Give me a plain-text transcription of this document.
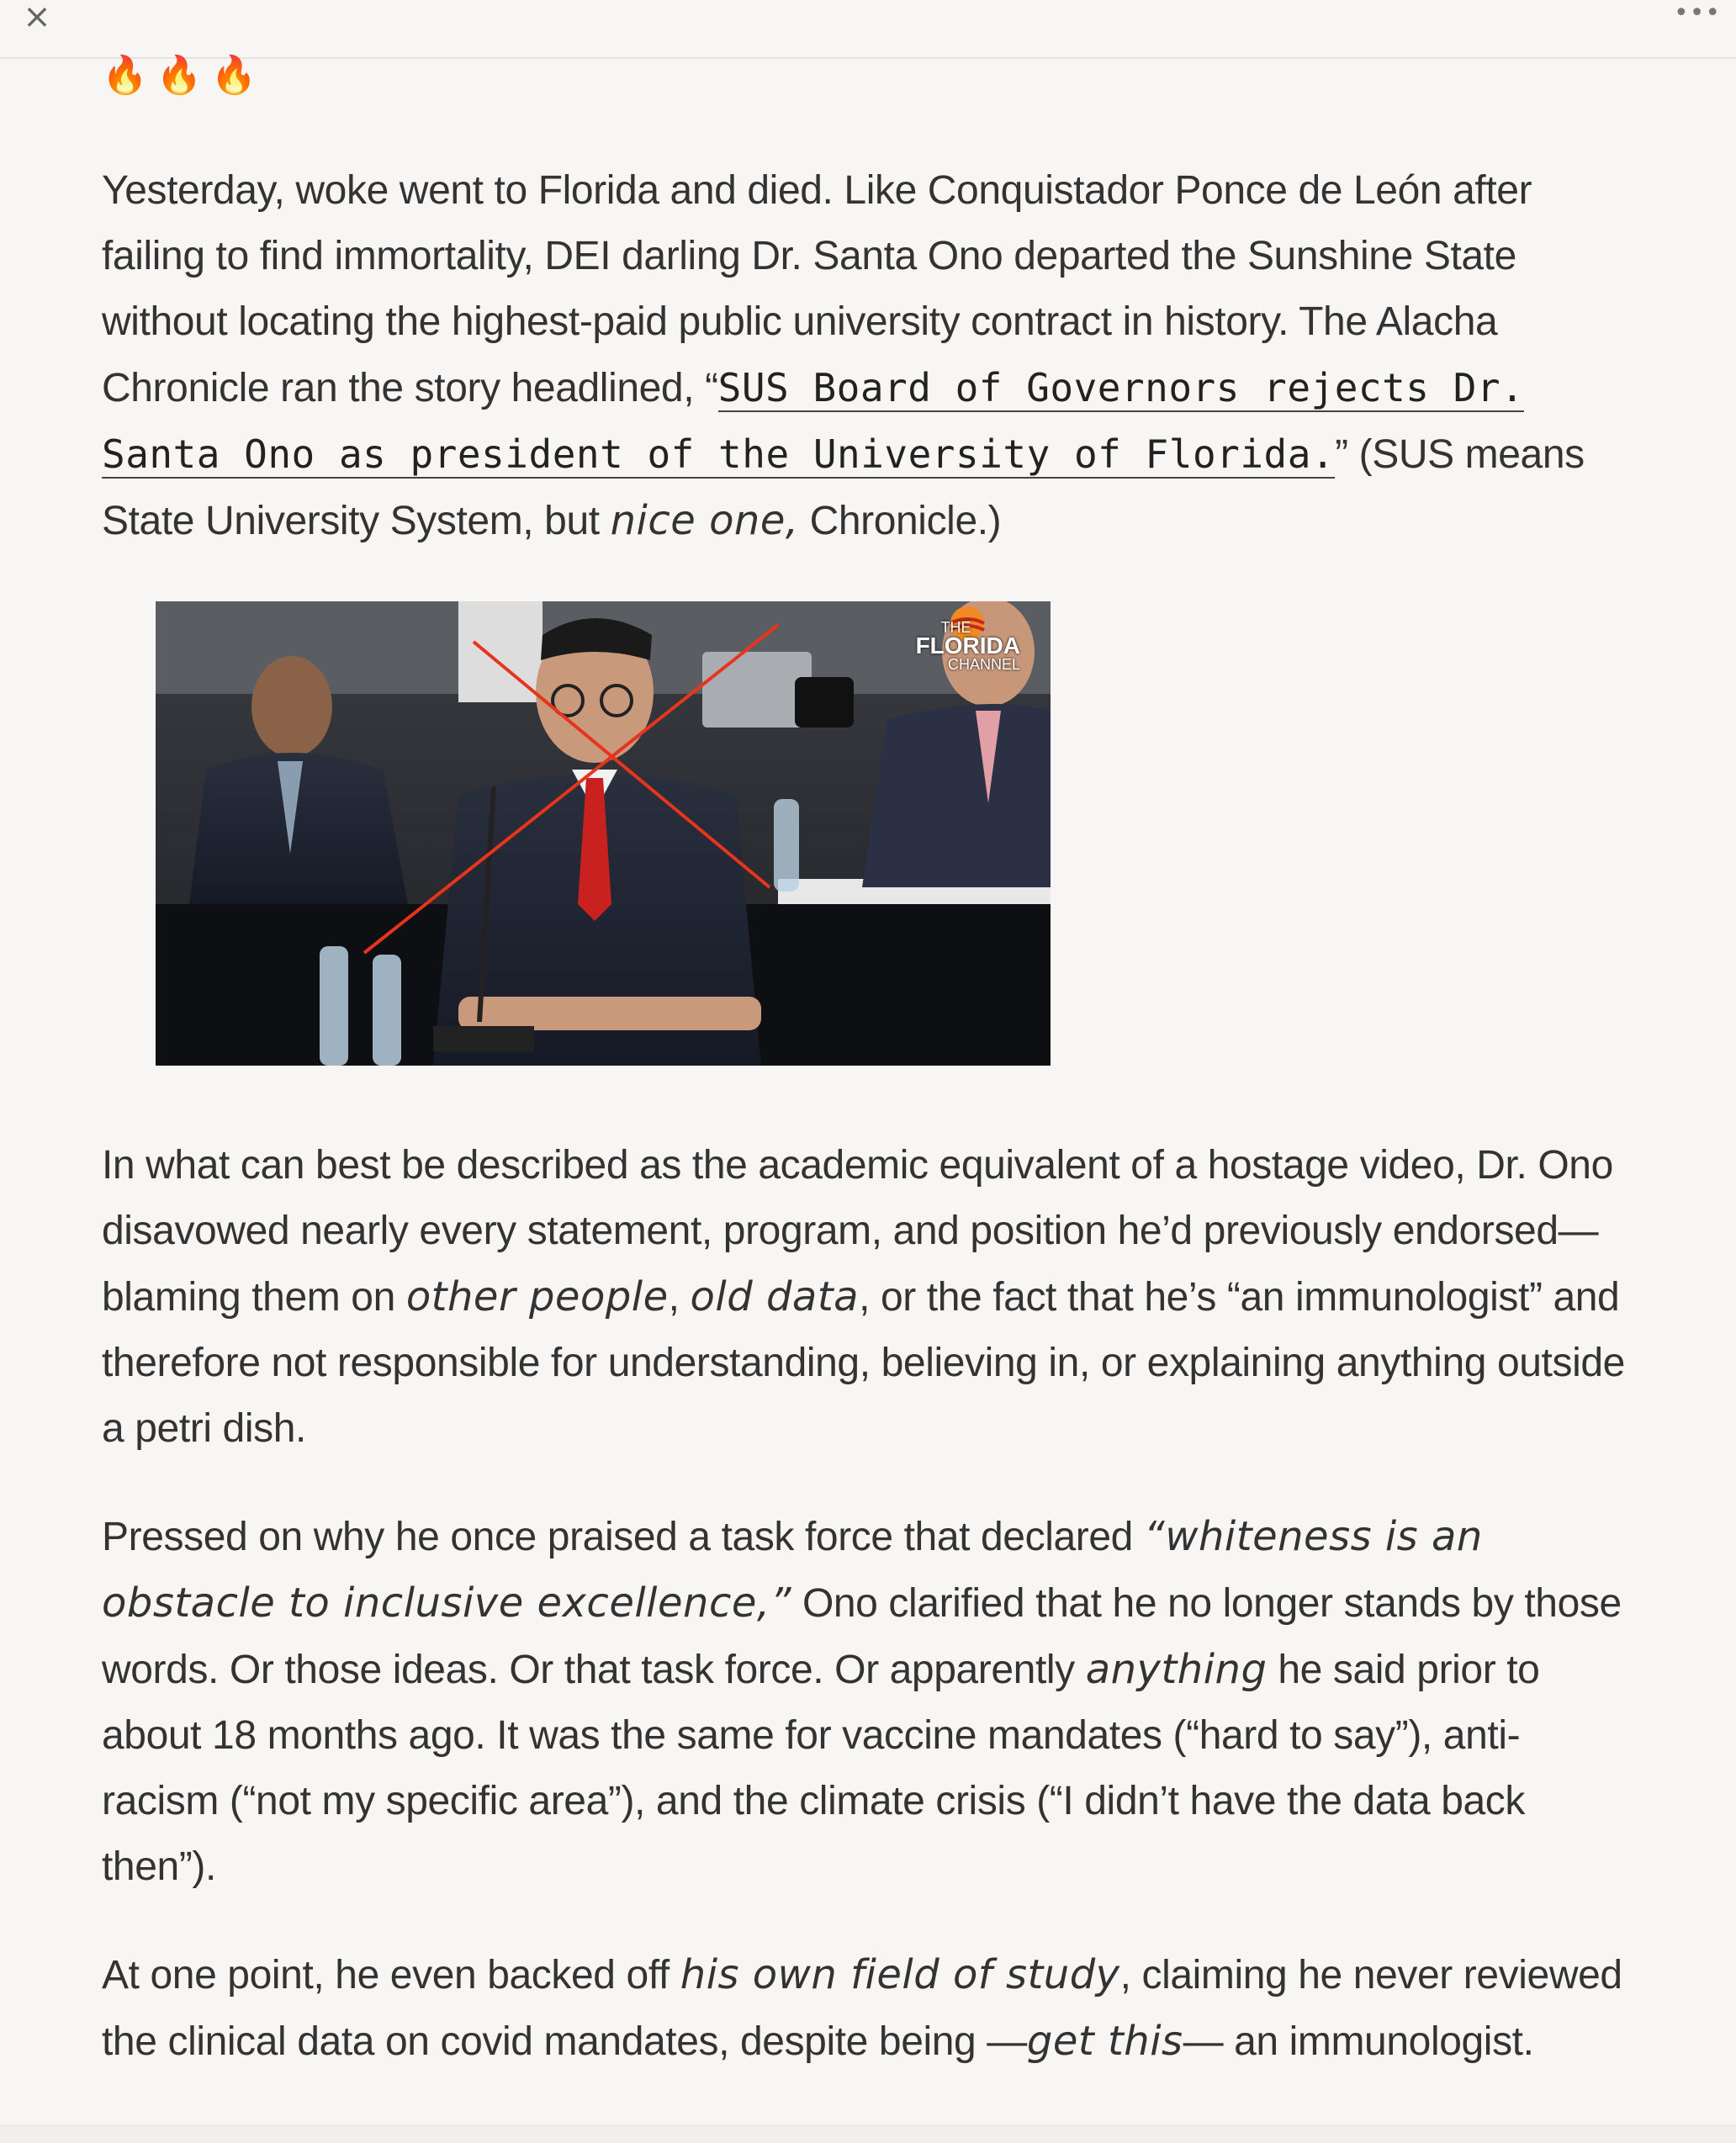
×	•••
🔥 🔥 🔥

Yesterday, woke went to Florida and died. Like Conquistador Ponce de León after failing to find immortality, DEI darling Dr. Santa Ono departed the Sunshine State without locating the highest-paid public university contract in history. The Alacha Chronicle ran the story headlined, “SUS Board of Governors rejects Dr. Santa Ono as president of the University of Florida.” (SUS means State University System, but nice one, Chronicle.)

THE
FLORIDA
CHANNEL

In what can best be described as the academic equivalent of a hostage video, Dr. Ono disavowed nearly every statement, program, and position he’d previously endorsed— blaming them on other people, old data, or the fact that he’s “an immunologist” and therefore not responsible for understanding, believing in, or explaining anything outside a petri dish.

Pressed on why he once praised a task force that declared “whiteness is an obstacle to inclusive excellence,” Ono clarified that he no longer stands by those words. Or those ideas. Or that task force. Or apparently anything he said prior to about 18 months ago. It was the same for vaccine mandates (“hard to say”), anti-racism (“not my specific area”), and the climate crisis (“I didn’t have the data back then”).

At one point, he even backed off his own field of study, claiming he never reviewed the clinical data on covid mandates, despite being —get this— an immunologist.
